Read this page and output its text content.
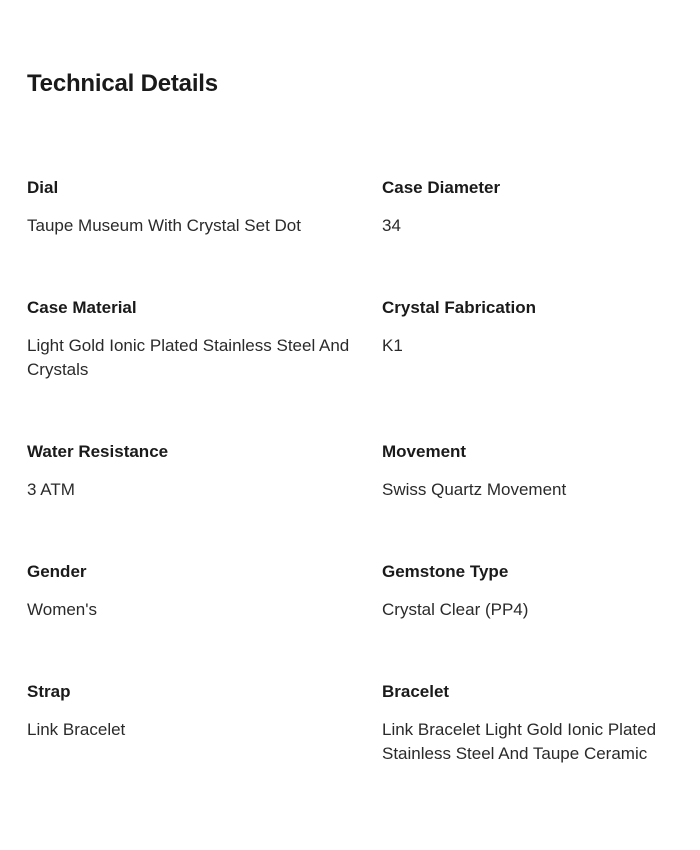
Technical Details
Dial
Taupe Museum With Crystal Set Dot
Case Diameter
34
Case Material
Light Gold Ionic Plated Stainless Steel And Crystals
Crystal Fabrication
K1
Water Resistance
3 ATM
Movement
Swiss Quartz Movement
Gender
Women's
Gemstone Type
Crystal Clear (PP4)
Strap
Link Bracelet
Bracelet
Link Bracelet Light Gold Ionic Plated Stainless Steel And Taupe Ceramic
